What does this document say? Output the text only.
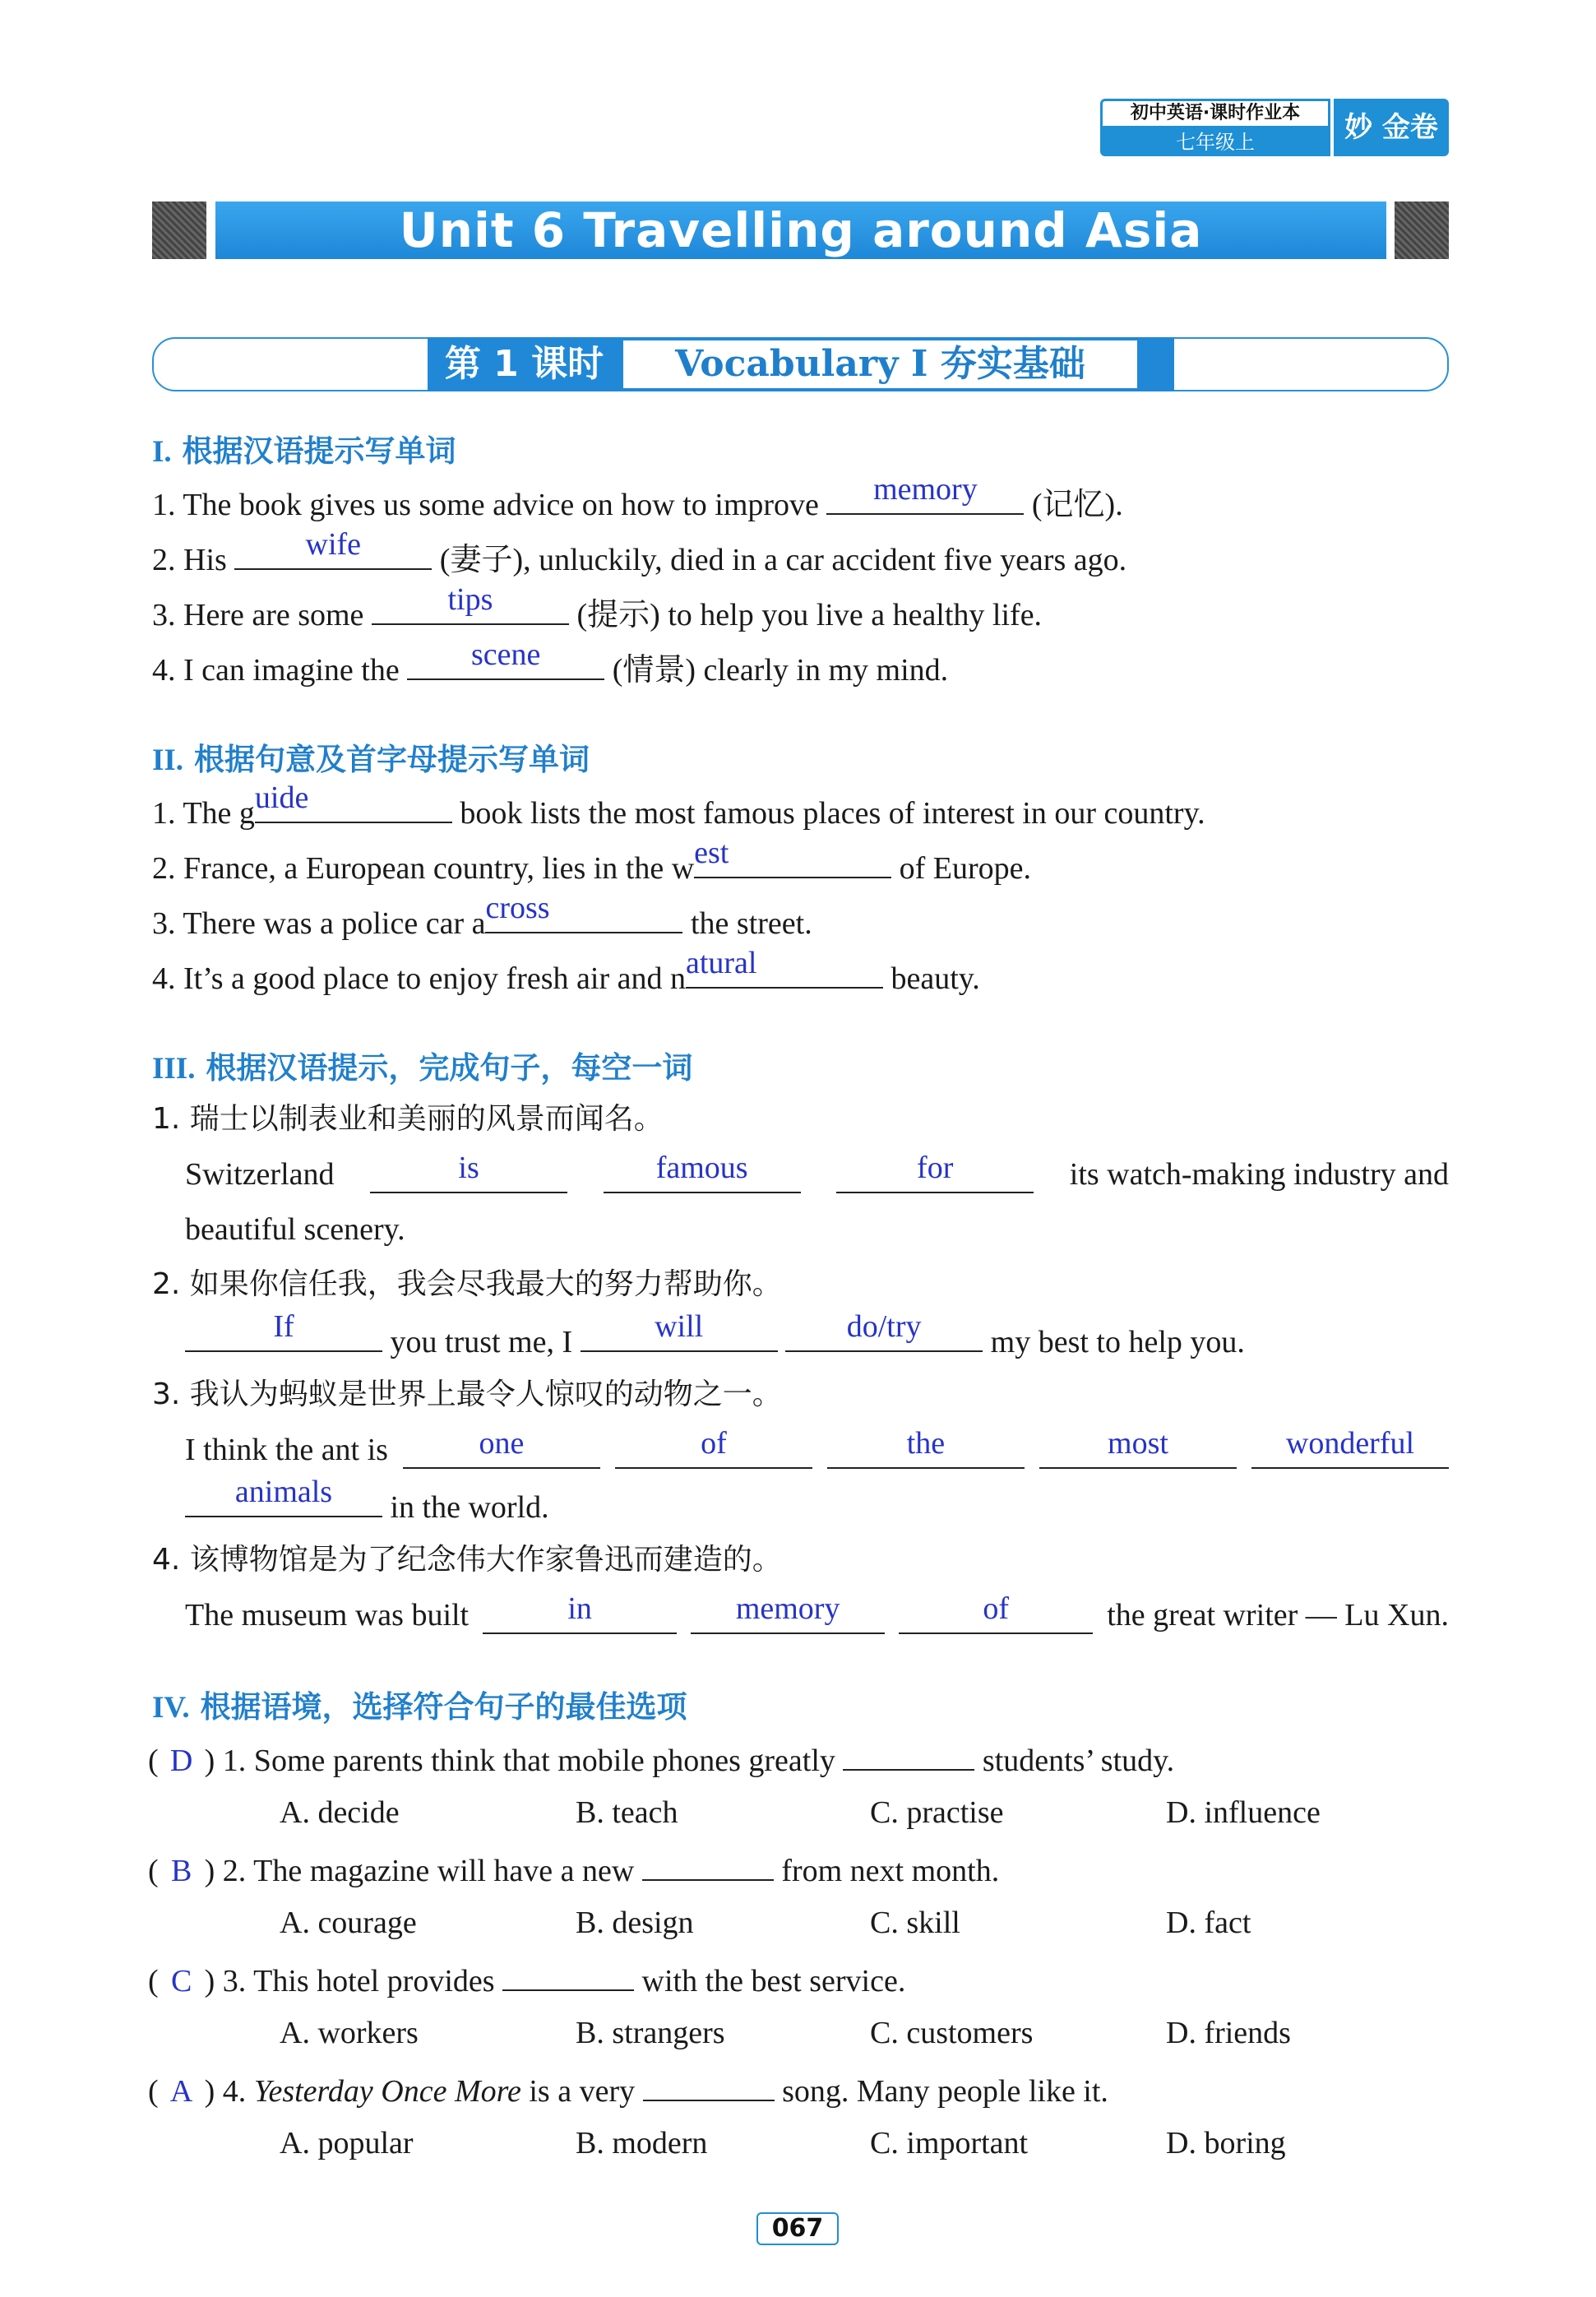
初中英语·课时作业本
七年级上	妙 金卷
Unit 6 Travelling around Asia
第 1 课时	Vocabulary I 夯实基础
I. 根据汉语提示写单词
1. The book gives us some advice on how to improve	memory	(记忆).
2. His	wife	(妻子), unluckily, died in a car accident five years ago.
3. Here are some	tips	(提示) to help you live a healthy life.
4. I can imagine the	scene	(情景) clearly in my mind.
II. 根据句意及首字母提示写单词
1. The g uide	book lists the most famous places of interest in our country.
2. France, a European country, lies in the w est	of Europe.
3. There was a police car a cross	the street.
4. It’s a good place to enjoy fresh air and n atural	beauty.
III. 根据汉语提示，完成句子，每空一词
1. 瑞士以制表业和美丽的风景而闻名。
Switzerland	is	famous	for	its watch-making industry and
beautiful scenery.
2. 如果你信任我，我会尽我最大的努力帮助你。
If	you trust me, I	will
	do/try	my best to help you.
3. 我认为蚂蚁是世界上最令人惊叹的动物之一。
I think the ant is	one	of	the	most	wonderful
animals	in the world.
4. 该博物馆是为了纪念伟大作家鲁迅而建造的。
The museum was built	in	memory	of	the great writer — Lu Xun.
IV. 根据语境，选择符合句子的最佳选项
( D ) 1. Some parents think that mobile phones greatly	students’ study.
A. decide	B. teach	C. practise	D. influence
( B ) 2. The magazine will have a new	from next month.
A. courage	B. design	C. skill	D. fact
( C ) 3. This hotel provides	with the best service.
A. workers	B. strangers	C. customers	D. friends
( A ) 4. Yesterday Once More is a very	song. Many people like it.
A. popular	B. modern	C. important	D. boring
067
